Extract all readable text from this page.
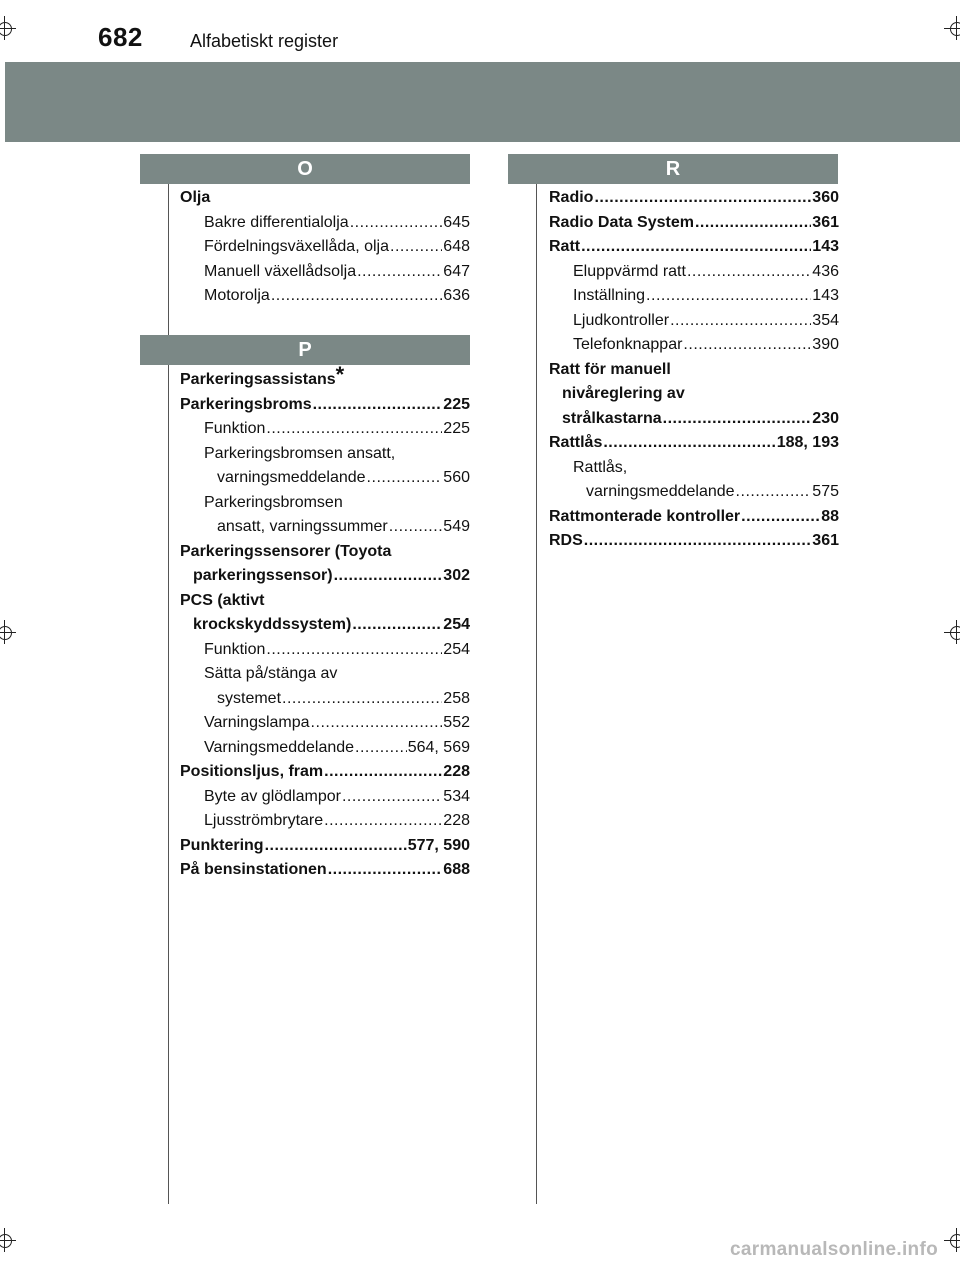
682	Alfabetiskt register
O
Olja
Bakre differentialolja .....	645
Fördelningsväxellåda, olja .....	648
Manuell växellådsolja .....	647
Motorolja .....	636
P
Parkeringsassistans*
Parkeringsbroms .....	225
Funktion .....	225
Parkeringsbromsen ansatt,
varningsmeddelande .....	560
Parkeringsbromsen
ansatt, varningssummer .....	549
Parkeringssensorer (Toyota
parkeringssensor) .....	302
PCS (aktivt
krockskyddssystem) .....	254
Funktion .....	254
Sätta på/stänga av
systemet .....	258
Varningslampa .....	552
Varningsmeddelande .....	564, 569
Positionsljus, fram .....	228
Byte av glödlampor .....	534
Ljusströmbrytare .....	228
Punktering .....	577, 590
På bensinstationen .....	688
R
Radio .....	360
Radio Data System .....	361
Ratt .....	143
Eluppvärmd ratt .....	436
Inställning .....	143
Ljudkontroller .....	354
Telefonknappar .....	390
Ratt för manuell
nivåreglering av
strålkastarna .....	230
Rattlås .....	188, 193
Rattlås,
varningsmeddelande .....	575
Rattmonterade kontroller .....	88
RDS .....	361
carmanualsonline.info
